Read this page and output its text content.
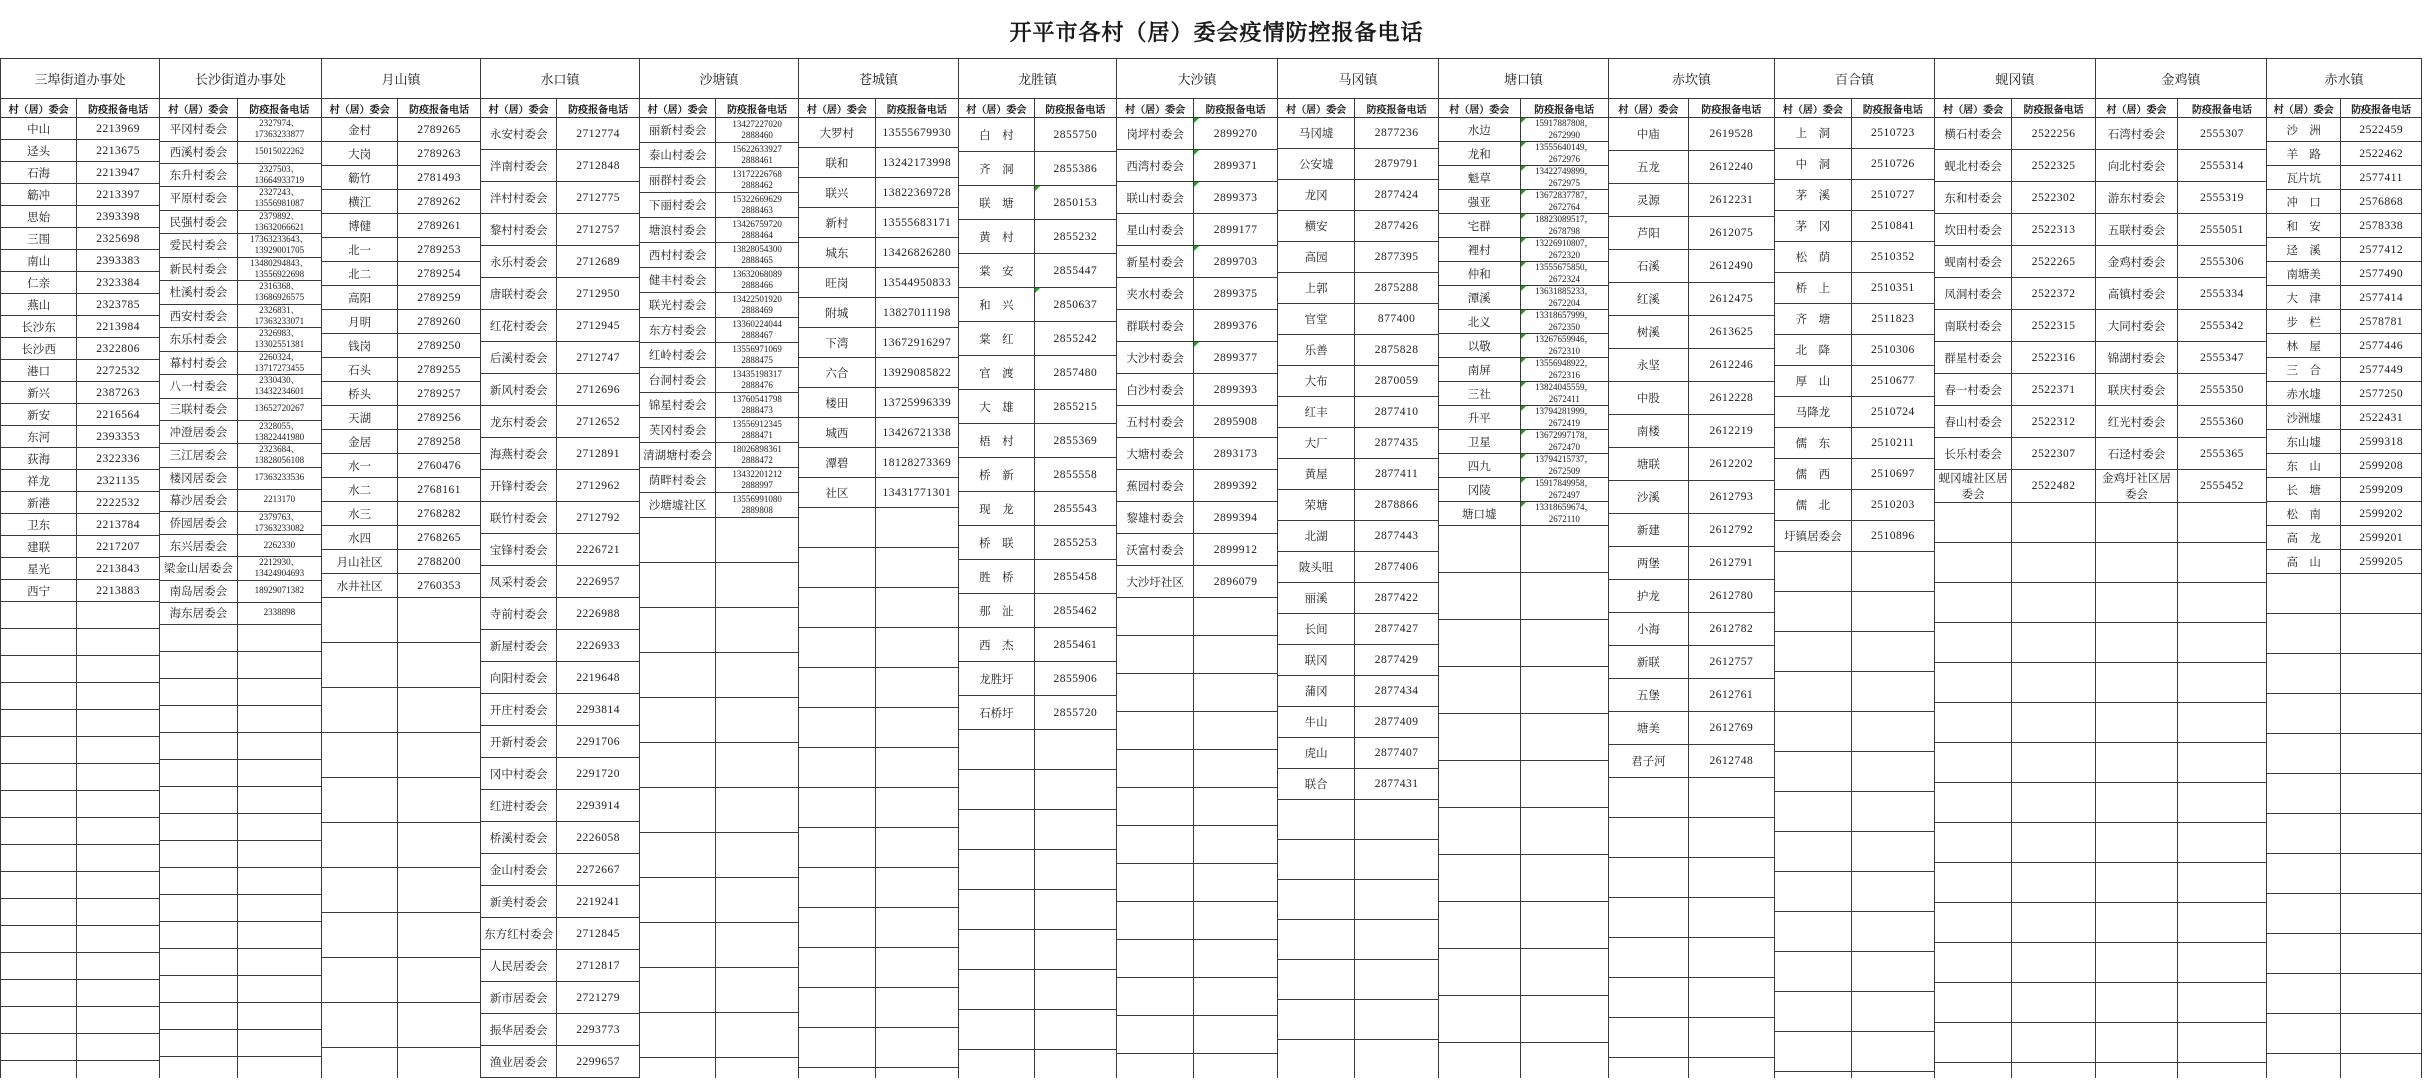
开平市各村（居）委会疫情防控报备电话
三埠街道办事处	
村（居）委会	防疫报备电话
中山	2213969
迳头	2213675
石海	2213947
簕冲	2213397
思始	2393398
三围	2325698
南山	2393383
仁亲	2323384
燕山	2323785
长沙东	2213984
长沙西	2322806
港口	2272532
新兴	2387263
新安	2216564
东河	2393353
荻海	2322336
祥龙	2321135
新港	2222532
卫东	2213784
建联	2217207
星光	2213843
西宁	2213883

长沙街道办事处	
村（居）委会	防疫报备电话
平冈村委会	2327974、
17363233877
西溪村委会	15015022262
东升村委会	2327503、
13664933719
平原村委会	2327243、
13556981087
民强村委会	2379892、
13632066621
爱民村委会	17363233643、
13929001705
新民村委会	13480294843、
13556922698
杜溪村委会	2316368、
13686926575
西安村委会	2326831、
17363233071
东乐村委会	2326983、
13302551381
幕村村委会	2260324、
13717273455
八一村委会	2330430、
13432234601
三联村委会	13652720267
冲澄居委会	2328055、
13822441980
三江居委会	2323684、
13828056108
楼冈居委会	17363233536
幕沙居委会	2213170
侨园居委会	2379763、
17363233082
东兴居委会	2262330
梁金山居委会	2212930、
13424904693
南岛居委会	18929071382
海东居委会	2338898

月山镇	
村（居）委会	防疫报备电话
金村	2789265
大岗	2789263
簕竹	2781493
横江	2789262
博健	2789261
北一	2789253
北二	2789254
高阳	2789259
月明	2789260
钱岗	2789250
石头	2789255
桥头	2789257
天湖	2789256
金居	2789258
水一	2760476
水二	2768161
水三	2768282
水四	2768265
月山社区	2788200
水井社区	2760353

水口镇	
村（居）委会	防疫报备电话
永安村委会	2712774
泮南村委会	2712848
泮村村委会	2712775
黎村村委会	2712757
永乐村委会	2712689
唐联村委会	2712950
红花村委会	2712945
后溪村委会	2712747
新风村委会	2712696
龙东村委会	2712652
海燕村委会	2712891
开锋村委会	2712962
联竹村委会	2712792
宝锋村委会	2226721
凤采村委会	2226957
寺前村委会	2226988
新屋村委会	2226933
向阳村委会	2219648
开庄村委会	2293814
开新村委会	2291706
冈中村委会	2291720
红进村委会	2293914
桥溪村委会	2226058
金山村委会	2272667
新美村委会	2219241
东方红村委会	2712845
人民居委会	2712817
新市居委会	2721279
振华居委会	2293773
渔业居委会	2299657
沙塘镇	
村（居）委会	防疫报备电话
丽新村委会	13427227020
2888460
泰山村委会	15622633927
2888461
丽群村委会	13172226768
2888462
下丽村委会	15322669629
2888463
塘浪村委会	13426759720
2888464
西村村委会	13828054300
2888465
健丰村委会	13632068089
2888466
联光村委会	13422501920
2888469
东方村委会	13360224044
2888467
红岭村委会	13556971069
2888475
台洞村委会	13435198317
2888476
锦星村委会	13760541798
2888473
芙冈村委会	13556912345
2888471
清湖塘村委会	18026898361
2888472
荫畔村委会	13432201212
2888997
沙塘墟社区	13556991080
2889808

苍城镇	
村（居）委会	防疫报备电话
大罗村	13555679930
联和	13242173998
联兴	13822369728
新村	13555683171
城东	13426826280
旺岗	13544950833
附城	13827011198
下湾	13672916297
六合	13929085822
楼田	13725996339
城西	13426721338
潭碧	18128273369
社区	13431771301

龙胜镇	
村（居）委会	防疫报备电话
白　村	2855750
齐　洞	2855386
联　塘	2850153
黄　村	2855232
棠　安	2855447
和　兴	2850637
棠　红	2855242
官　渡	2857480
大　雄	2855215
梧　村	2855369
桥　新	2855558
现　龙	2855543
桥　联	2855253
胜　桥	2855458
那　沚	2855462
西　杰	2855461
龙胜圩	2855906
石桥圩	2855720

大沙镇	
村（居）委会	防疫报备电话
岗坪村委会	2899270
西湾村委会	2899371
联山村委会	2899373
星山村委会	2899177
新星村委会	2899703
夹水村委会	2899375
群联村委会	2899376
大沙村委会	2899377
白沙村委会	2899393
五村村委会	2895908
大塘村委会	2893173
蕉园村委会	2899392
黎雄村委会	2899394
沃富村委会	2899912
大沙圩社区	2896079

马冈镇	
村（居）委会	防疫报备电话
马冈墟	2877236
公安墟	2879791
龙冈	2877424
横安	2877426
高园	2877395
上郭	2875288
官堂	877400
乐善	2875828
大布	2870059
红丰	2877410
大厂	2877435
黄屋	2877411
荣塘	2878866
北湖	2877443
陂头咀	2877406
丽溪	2877422
长间	2877427
联冈	2877429
蒲冈	2877434
牛山	2877409
虎山	2877407
联合	2877431

塘口镇	
村（居）委会	防疫报备电话
水边	15917887808，
2672990
龙和	13555640149，
2672976
魁草	13422749899，
2672975
强亚	13672837787，
2672764
宅群	18823089517，
2678798
裡村	13226910807，
2672320
仲和	13555675850，
2672324
潭溪	13631885233，
2672204
北义	13318657999，
2672350
以敬	13267659946，
2672310
南屏	13556948922，
2672316
三社	13824045559，
2672411
升平	13794281999，
2672419
卫星	13672997178，
2672470
四九	13794215737，
2672509
冈陵	15917849958，
2672497
塘口墟	13318659674，
2672110

赤坎镇	
村（居）委会	防疫报备电话
中庙	2619528
五龙	2612240
灵源	2612231
芦阳	2612075
石溪	2612490
红溪	2612475
树溪	2613625
永坚	2612246
中股	2612228
南楼	2612219
塘联	2612202
沙溪	2612793
新建	2612792
两堡	2612791
护龙	2612780
小海	2612782
新联	2612757
五堡	2612761
塘美	2612769
君子河	2612748

百合镇	
村（居）委会	防疫报备电话
上　洞	2510723
中　洞	2510726
茅　溪	2510727
茅　冈	2510841
松　荫	2510352
桥　上	2510351
齐　塘	2511823
北　降	2510306
厚　山	2510677
马降龙	2510724
儒　东	2510211
儒　西	2510697
儒　北	2510203
圩镇居委会	2510896

蚬冈镇	
村（居）委会	防疫报备电话
横石村委会	2522256
蚬北村委会	2522325
东和村委会	2522302
坎田村委会	2522313
蚬南村委会	2522265
凤洞村委会	2522372
南联村委会	2522315
群星村委会	2522316
春一村委会	2522371
春山村委会	2522312
长乐村委会	2522307
蚬冈墟社区居委会	2522482

金鸡镇	
村（居）委会	防疫报备电话
石湾村委会	2555307
向北村委会	2555314
游东村委会	2555319
五联村委会	2555051
金鸡村委会	2555306
高镇村委会	2555334
大同村委会	2555342
锦湖村委会	2555347
联庆村委会	2555350
红光村委会	2555360
石迳村委会	2555365
金鸡圩社区居委会	2555452

赤水镇	
村（居）委会	防疫报备电话
沙　洲	2522459
羊　路	2522462
瓦片坑	2577411
冲　口	2576868
和　安	2578338
迳　溪	2577412
南塘美	2577490
大　津	2577414
步　栏	2578781
林　屋	2577446
三　合	2577449
赤水墟	2577250
沙洲墟	2522431
东山墟	2599318
东　山	2599208
长　塘	2599209
松　南	2599202
高　龙	2599201
高　山	2599205
